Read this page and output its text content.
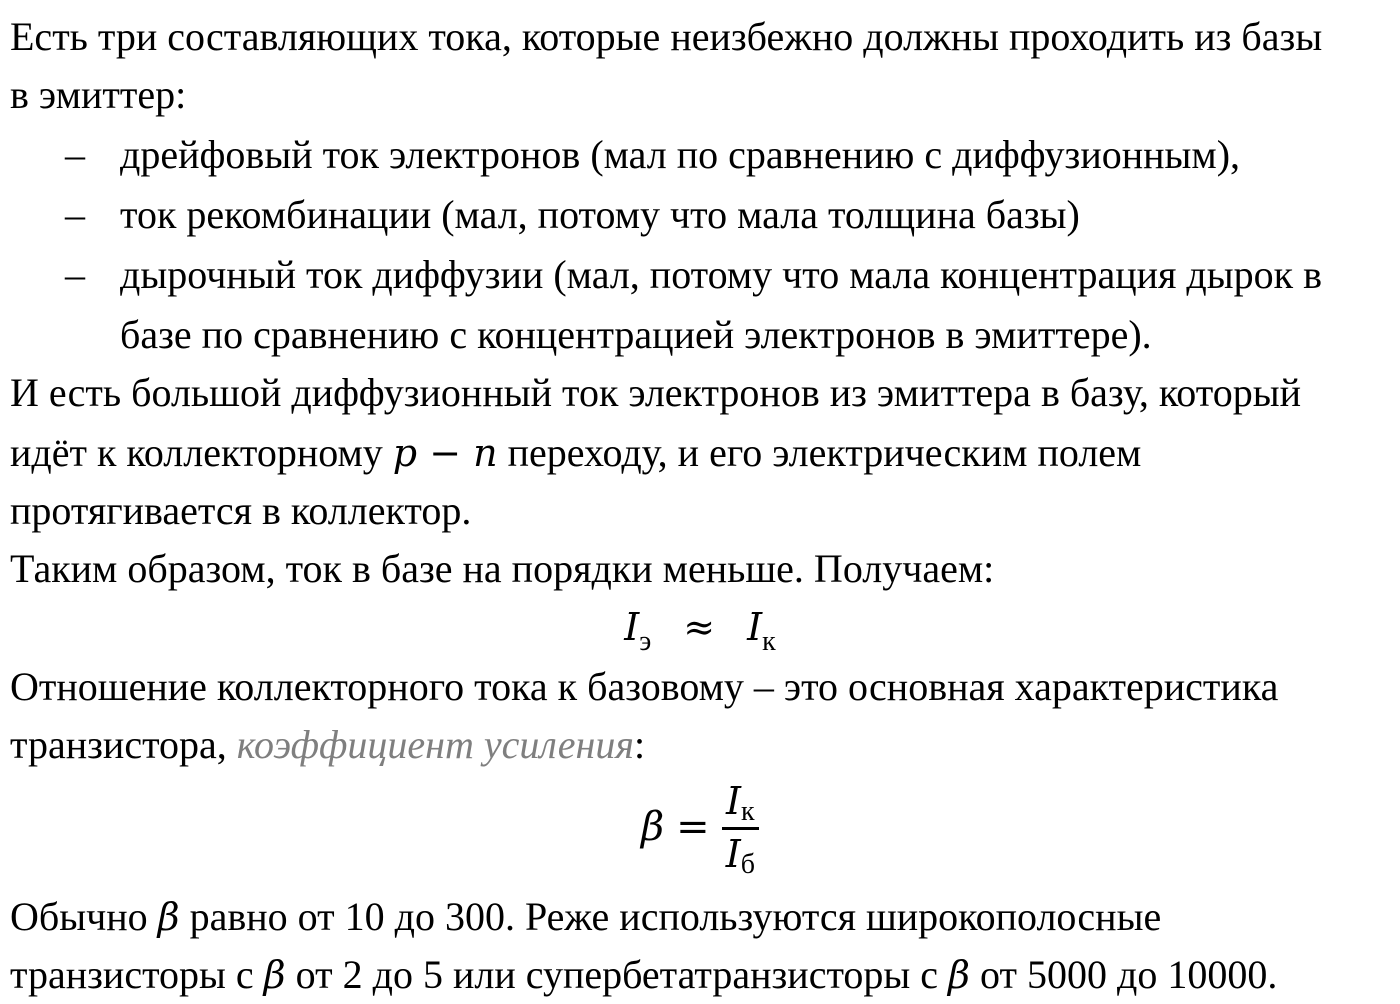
Есть три составляющих тока, которые неизбежно должны проходить из базы
в эмиттер:
– дрейфовый ток электронов (мал по сравнению с диффузионным),
– ток рекомбинации (мал, потому что мала толщина базы)
– дырочный ток диффузии (мал, потому что мала концентрация дырок в
базе по сравнению с концентрацией электронов в эмиттере).
И есть большой диффузионный ток электронов из эмиттера в базу, который
идёт к коллекторному p − n переходу, и его электрическим полем
протягивается в коллектор.
Таким образом, ток в базе на порядки меньше. Получаем:
Отношение коллекторного тока к базовому – это основная характеристика
транзистора, коэффициент усиления:
Обычно β равно от 10 до 300. Реже используются широкополосные
транзисторы с β от 2 до 5 или супербетатранзисторы с β от 5000 до 10000.
$I_э \approx I_к$
$\beta = \frac{Iк}{Iб}$
